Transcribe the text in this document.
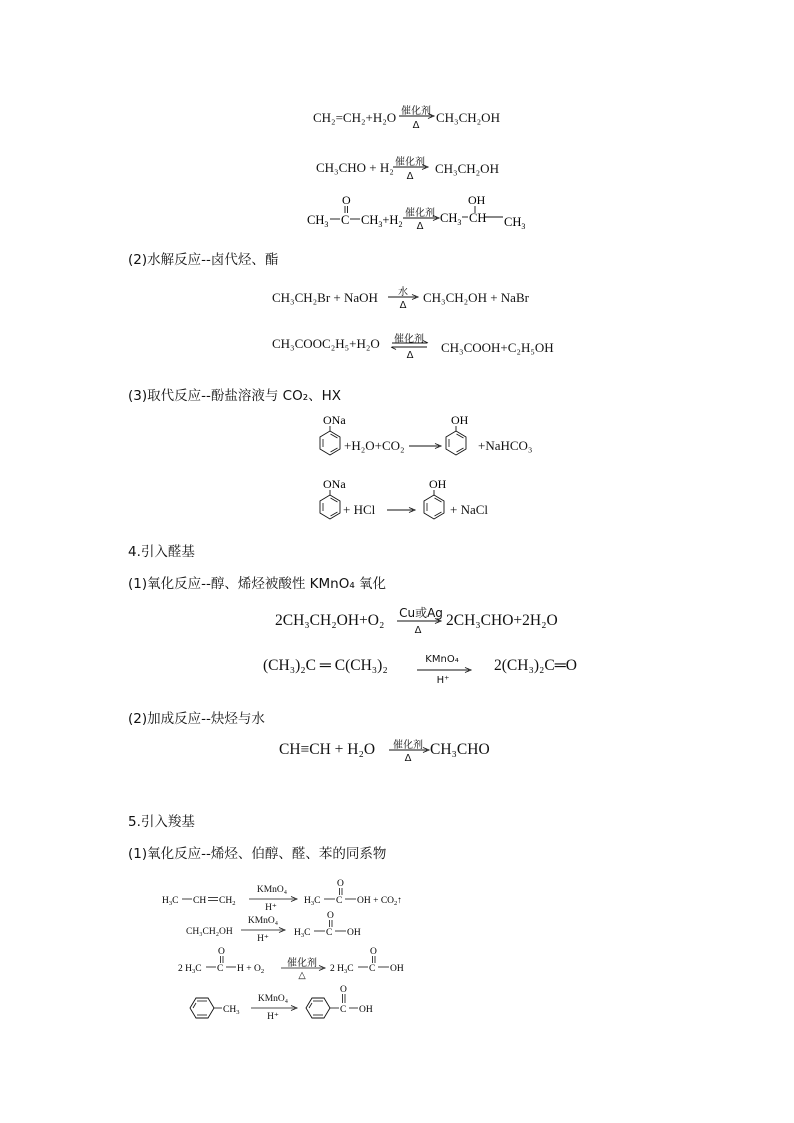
CH₂=CH₂+H₂O 催化剂
Δ
CH₃CH₂OH
CH₃CHO + H₂ 催化剂
Δ
CH₃CH₂OH
O
$CH_3$ C $CH_3+H_2$
催化剂
Δ
OH
$CH_3$ CH $CH_3$
(2)水解反应--卤代烃、酯
CH₃CH₂Br + NaOH	水
Δ
CH₃CH₂OH + NaBr
CH₃COOC₂H₅+H₂O	催化剂
Δ
CH₃COOH+C₂H₅OH
(3)取代反应--酚盐溶液与 CO₂、HX
ONa
+H₂O+CO₂ →
OH
+NaHCO₃
ONa
+ HCl →
OH
+ NaCl
4.引入醛基
(1)氧化反应--醇、烯烃被酸性 KMnO₄ 氧化
2CH₃CH₂OH+O₂ Cu或Ag
Δ
2CH₃CHO+2H₂O
(CH₃)₂C ═ C(CH₃)₂	KMnO₄
H⁺
2(CH₃)₂C═O
(2)加成反应--炔烃与水
CH≡CH + H₂O	催化剂
Δ
CH₃CHO
5.引入羧基
(1)氧化反应--烯烃、伯醇、醛、苯的同系物
$H_3C$ CH $CH_2$
KMnO₄
H⁺
O
$H_3C$ C OH + $CO_2↑$
CH₃CH₂OH
KMnO₄
H⁺
O
$H_3C$ C OH
O
2 $H_3C$ C $H + O_2$
催化剂
△
O
2 $H_3C$ C OH
$CH_3$
KMnO₄
H⁺
O
C OH
